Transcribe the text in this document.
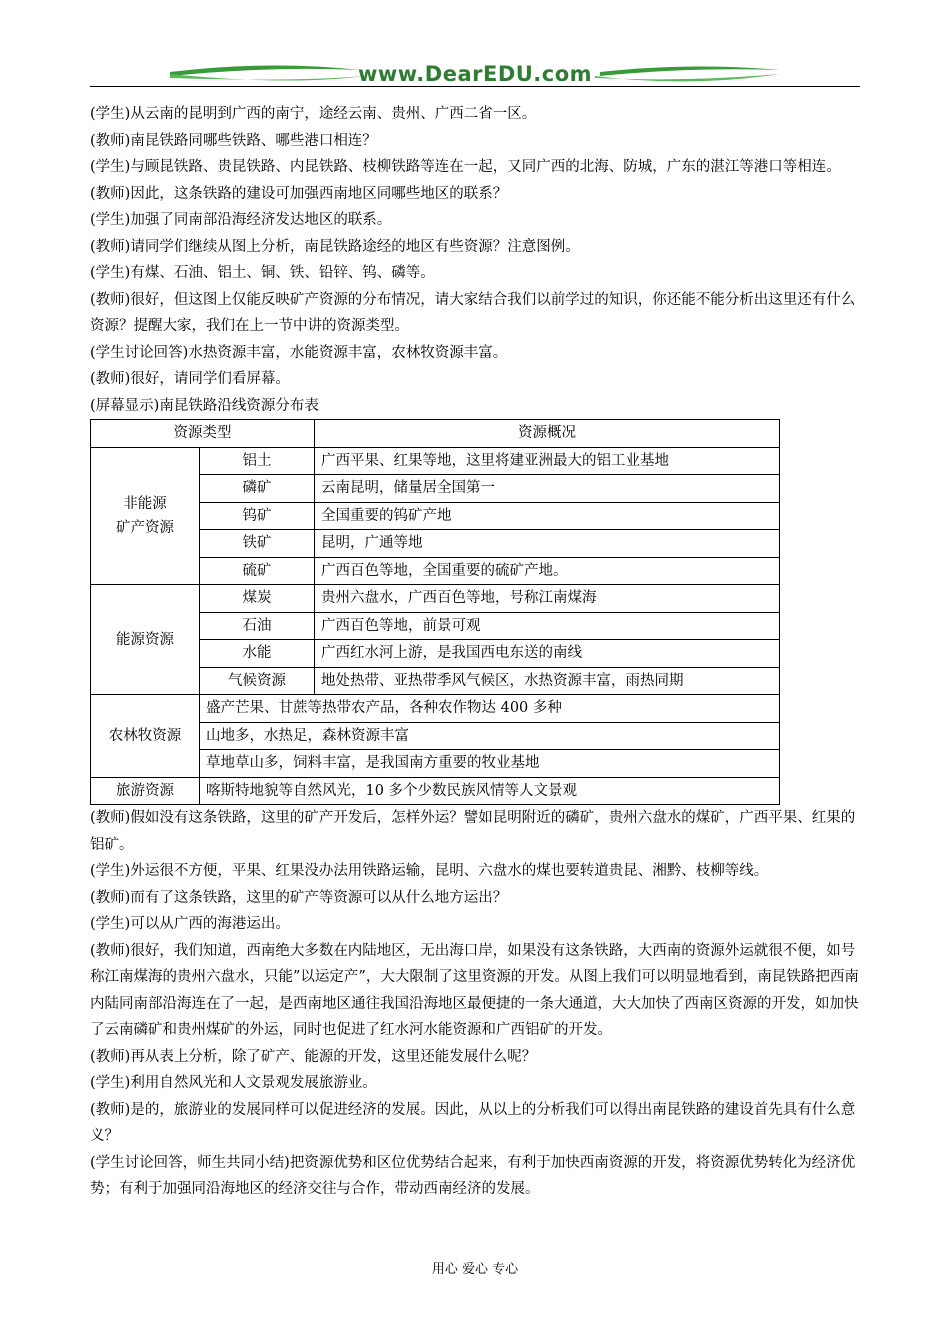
www.DearEDU.com

(学生)从云南的昆明到广西的南宁，途经云南、贵州、广西二省一区。

(教师)南昆铁路同哪些铁路、哪些港口相连？

(学生)与顾昆铁路、贵昆铁路、内昆铁路、枝柳铁路等连在一起，又同广西的北海、防城，广东的湛江等港口等相连。

(教师)因此，这条铁路的建设可加强西南地区同哪些地区的联系？

(学生)加强了同南部沿海经济发达地区的联系。

(教师)请同学们继续从图上分析，南昆铁路途经的地区有些资源？注意图例。

(学生)有煤、石油、铝土、铜、铁、铅锌、钨、磷等。

(教师)很好，但这图上仅能反映矿产资源的分布情况，请大家结合我们以前学过的知识，你还能不能分析出这里还有什么资源？提醒大家，我们在上一节中讲的资源类型。

(学生讨论回答)水热资源丰富，水能资源丰富，农林牧资源丰富。

(教师)很好，请同学们看屏幕。

(屏幕显示)南昆铁路沿线资源分布表

资源类型		资源概况
非能源
矿产资源	铝土	广西平果、红果等地，这里将建亚洲最大的铝工业基地
	磷矿	云南昆明，储量居全国第一
	钨矿	全国重要的钨矿产地
	铁矿	昆明，广通等地
	硫矿	广西百色等地，全国重要的硫矿产地。
能源资源	煤炭	贵州六盘水，广西百色等地，号称江南煤海
	石油	广西百色等地，前景可观
	水能	广西红水河上游，是我国西电东送的南线
	气候资源	地处热带、亚热带季风气候区，水热资源丰富，雨热同期
农林牧资源	盛产芒果、甘蔗等热带农产品，各种农作物达 400 多种	
	山地多，水热足，森林资源丰富	
	草地草山多，饲料丰富，是我国南方重要的牧业基地	
旅游资源	喀斯特地貌等自然风光，10 多个少数民族风情等人文景观	

(教师)假如没有这条铁路，这里的矿产开发后，怎样外运？譬如昆明附近的磷矿，贵州六盘水的煤矿，广西平果、红果的铝矿。

(学生)外运很不方便，平果、红果没办法用铁路运输，昆明、六盘水的煤也要转道贵昆、湘黔、枝柳等线。

(教师)而有了这条铁路，这里的矿产等资源可以从什么地方运出？

(学生)可以从广西的海港运出。

(教师)很好，我们知道，西南绝大多数在内陆地区，无出海口岸，如果没有这条铁路，大西南的资源外运就很不便，如号称江南煤海的贵州六盘水，只能”以运定产”，大大限制了这里资源的开发。从图上我们可以明显地看到，南昆铁路把西南内陆同南部沿海连在了一起，是西南地区通往我国沿海地区最便捷的一条大通道，大大加快了西南区资源的开发，如加快了云南磷矿和贵州煤矿的外运，同时也促进了红水河水能资源和广西铝矿的开发。

(教师)再从表上分析，除了矿产、能源的开发，这里还能发展什么呢？

(学生)利用自然风光和人文景观发展旅游业。

(教师)是的，旅游业的发展同样可以促进经济的发展。因此，从以上的分析我们可以得出南昆铁路的建设首先具有什么意义？

(学生讨论回答，师生共同小结)把资源优势和区位优势结合起来，有利于加快西南资源的开发，将资源优势转化为经济优势；有利于加强同沿海地区的经济交往与合作，带动西南经济的发展。

用心 爱心 专心
